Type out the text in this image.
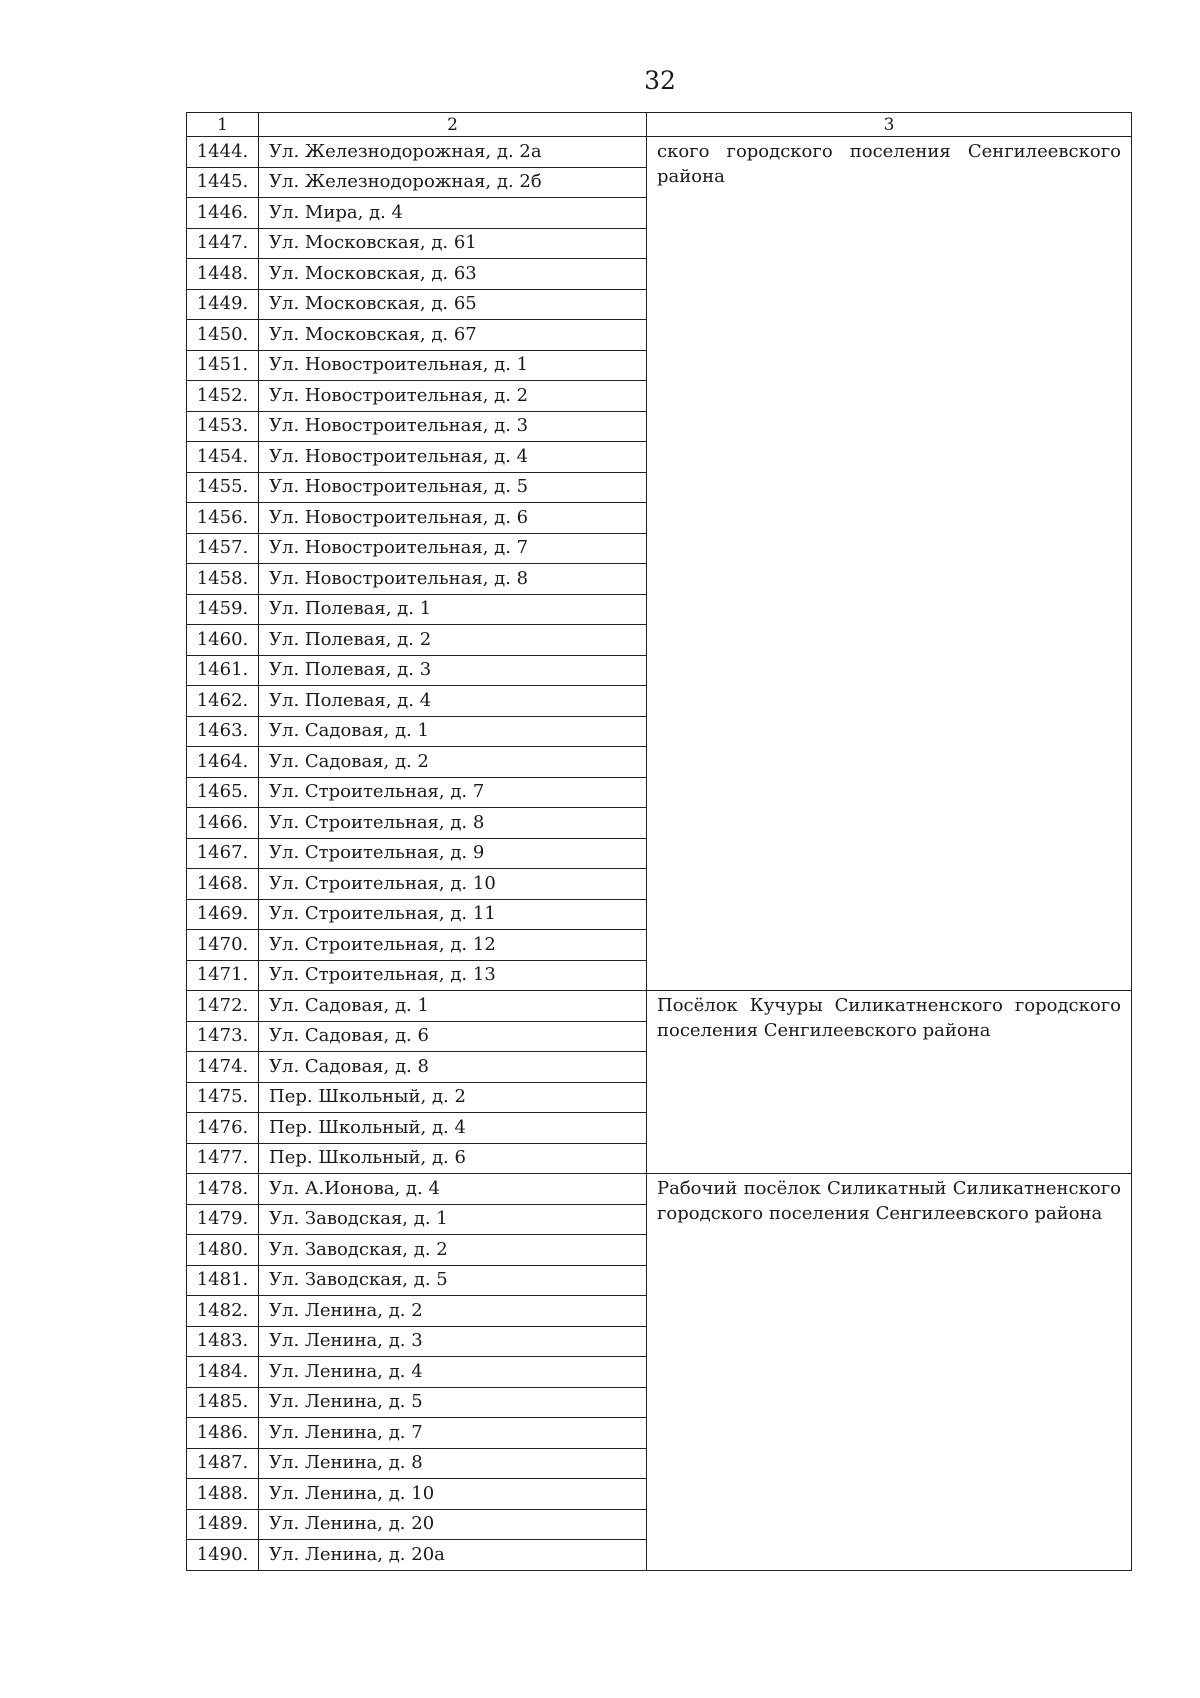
32
1	2	3
1444.	Ул. Железнодорожная, д. 2а	ского городского поселения Сенгилеевского района
1445.	Ул. Железнодорожная, д. 2б	
1446.	Ул. Мира, д. 4	
1447.	Ул. Московская, д. 61	
1448.	Ул. Московская, д. 63	
1449.	Ул. Московская, д. 65	
1450.	Ул. Московская, д. 67	
1451.	Ул. Новостроительная, д. 1	
1452.	Ул. Новостроительная, д. 2	
1453.	Ул. Новостроительная, д. 3	
1454.	Ул. Новостроительная, д. 4	
1455.	Ул. Новостроительная, д. 5	
1456.	Ул. Новостроительная, д. 6	
1457.	Ул. Новостроительная, д. 7	
1458.	Ул. Новостроительная, д. 8	
1459.	Ул. Полевая, д. 1	
1460.	Ул. Полевая, д. 2	
1461.	Ул. Полевая, д. 3	
1462.	Ул. Полевая, д. 4	
1463.	Ул. Садовая, д. 1	
1464.	Ул. Садовая, д. 2	
1465.	Ул. Строительная, д. 7	
1466.	Ул. Строительная, д. 8	
1467.	Ул. Строительная, д. 9	
1468.	Ул. Строительная, д. 10	
1469.	Ул. Строительная, д. 11	
1470.	Ул. Строительная, д. 12	
1471.	Ул. Строительная, д. 13	
1472.	Ул. Садовая, д. 1	Посёлок Кучуры Силикатненского городского поселения Сенгилеевского района
1473.	Ул. Садовая, д. 6	
1474.	Ул. Садовая, д. 8	
1475.	Пер. Школьный, д. 2	
1476.	Пер. Школьный, д. 4	
1477.	Пер. Школьный, д. 6	
1478.	Ул. А.Ионова, д. 4	Рабочий посёлок Силикатный Силикатненского городского поселения Сенгилеевского района
1479.	Ул. Заводская, д. 1	
1480.	Ул. Заводская, д. 2	
1481.	Ул. Заводская, д. 5	
1482.	Ул. Ленина, д. 2	
1483.	Ул. Ленина, д. 3	
1484.	Ул. Ленина, д. 4	
1485.	Ул. Ленина, д. 5	
1486.	Ул. Ленина, д. 7	
1487.	Ул. Ленина, д. 8	
1488.	Ул. Ленина, д. 10	
1489.	Ул. Ленина, д. 20	
1490.	Ул. Ленина, д. 20а	
